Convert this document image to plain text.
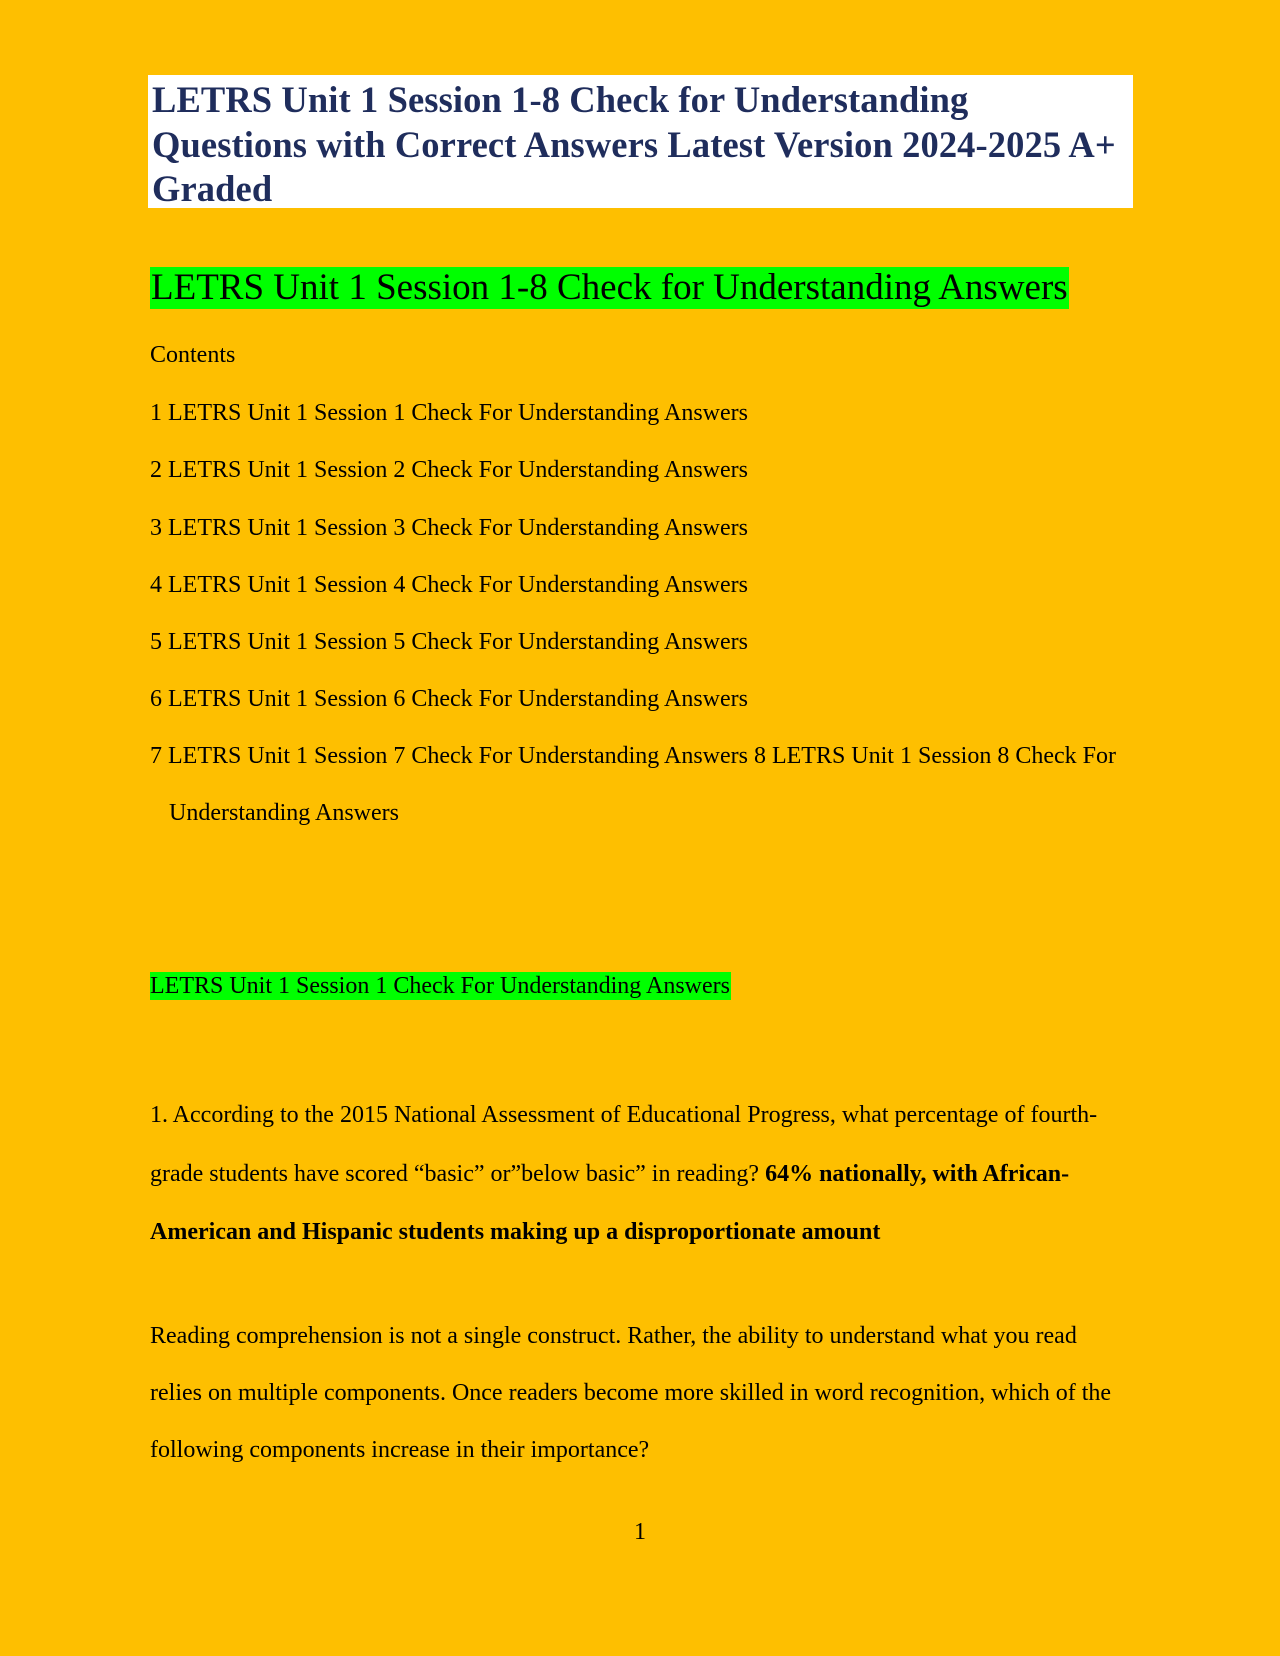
LETRS Unit 1 Session 1-8 Check for Understanding Questions with Correct Answers Latest Version 2024-2025 A+ Graded
LETRS Unit 1 Session 1-8 Check for Understanding Answers
Contents
1 LETRS Unit 1 Session 1 Check For Understanding Answers
2 LETRS Unit 1 Session 2 Check For Understanding Answers
3 LETRS Unit 1 Session 3 Check For Understanding Answers
4 LETRS Unit 1 Session 4 Check For Understanding Answers
5 LETRS Unit 1 Session 5 Check For Understanding Answers
6 LETRS Unit 1 Session 6 Check For Understanding Answers
7 LETRS Unit 1 Session 7 Check For Understanding Answers 8 LETRS Unit 1 Session 8 Check For Understanding Answers
LETRS Unit 1 Session 1 Check For Understanding Answers

1. According to the 2015 National Assessment of Educational Progress, what percentage of fourth-grade students have scored “basic” or”below basic” in reading? 64% nationally, with African-American and Hispanic students making up a disproportionate amount

Reading comprehension is not a single construct. Rather, the ability to understand what you read relies on multiple components. Once readers become more skilled in word recognition, which of the following components increase in their importance?

1
